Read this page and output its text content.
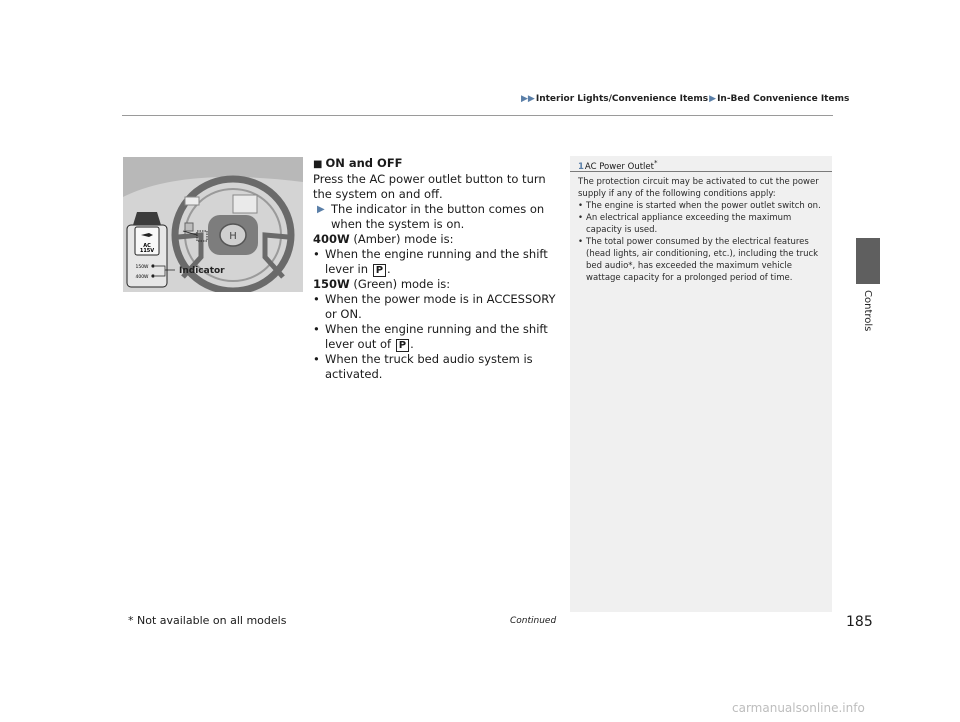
▶▶Interior Lights/Convenience Items▶In-Bed Convenience Items
Controls
H
AC
115V
150W
400W
Indicator

■ ON and OFF

Press the AC power outlet button to turn the system on and off.

▶ The indicator in the button comes on when the system is on.

400W (Amber) mode is:

• When the engine running and the shift lever in P .

150W (Green) mode is:

• When the power mode is in ACCESSORY or ON.

• When the engine running and the shift lever out of P .

• When the truck bed audio system is activated.

1AC Power Outlet*

The protection circuit may be activated to cut the power supply if any of the following conditions apply:

• The engine is started when the power outlet switch on.

• An electrical appliance exceeding the maximum capacity is used.

• The total power consumed by the electrical features (head lights, air conditioning, etc.), including the truck bed audio*, has exceeded the maximum vehicle wattage capacity for a prolonged period of time.

* Not available on all models	Continued	185
carmanualsonline.info
